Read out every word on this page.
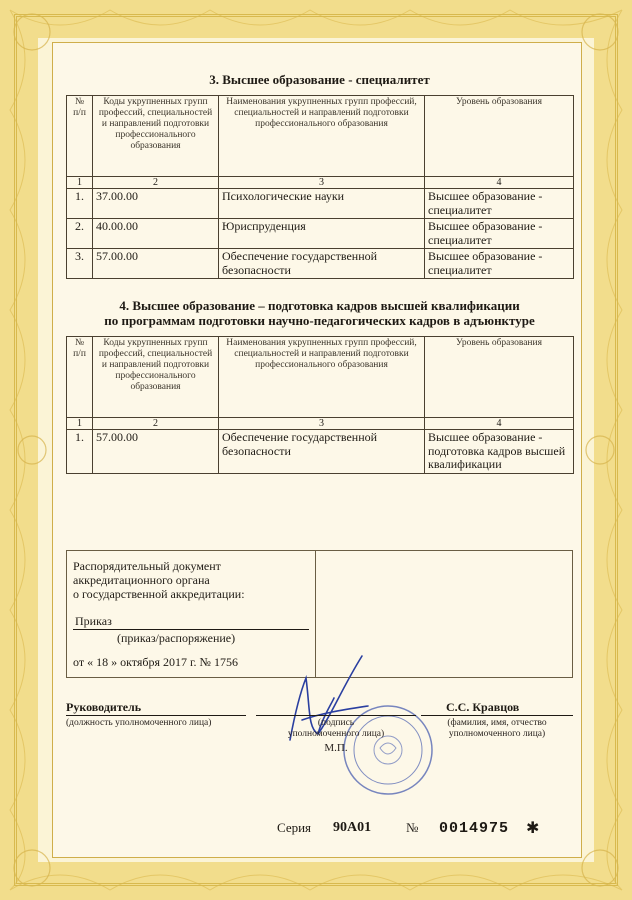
3. Высшее образование - специалитет

№ п/п	Коды укрупненных групп профессий, специальностей и направлений подготовки профессионального образования	Наименования укрупненных групп профессий, специальностей и направлений подготовки профессионального образования	Уровень образования
1	2	3	4
1.	37.00.00	Психологические науки	Высшее образование - специалитет
2.	40.00.00	Юриспруденция	Высшее образование - специалитет
3.	57.00.00	Обеспечение государственной безопасности	Высшее образование - специалитет

4. Высшее образование – подготовка кадров высшей квалификации

по программам подготовки научно-педагогических кадров в адъюнктуре

№ п/п	Коды укрупненных групп профессий, специальностей и направлений подготовки профессионального образования	Наименования укрупненных групп профессий, специальностей и направлений подготовки профессионального образования	Уровень образования
1	2	3	4
1.	57.00.00	Обеспечение государственной безопасности	Высшее образование - подготовка кадров высшей квалификации
Распорядительный документ
аккредитационного органа
о государственной аккредитации:
Приказ
(приказ/распоряжение)
от « 18 » октября 2017 г. № 1756
Руководитель
(должность уполномоченного лица)	(подпись
уполномоченного лица)
М.П.
С.С. Кравцов
(фамилия, имя, отчество
уполномоченного лица)
Серия 90А01	№ 0014975 ✱
